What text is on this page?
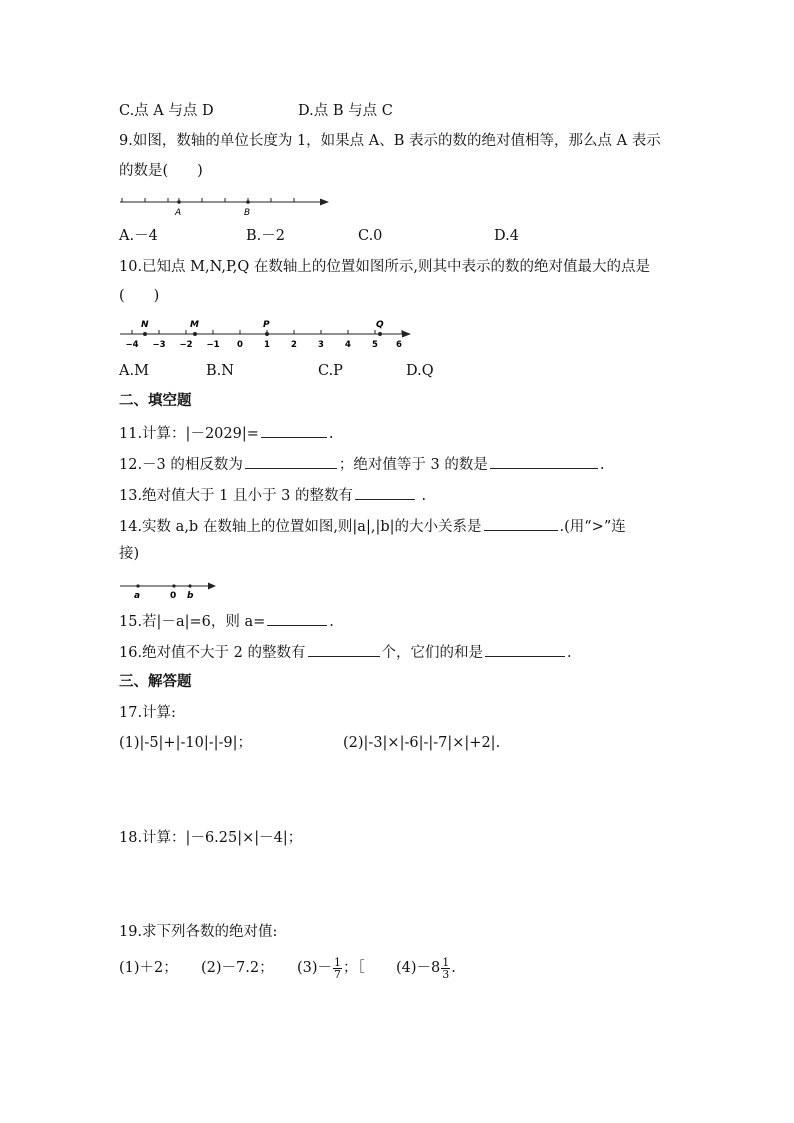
C.点 A 与点 D	D.点 B 与点 C
9.如图，数轴的单位长度为 1，如果点 A、B 表示的数的绝对值相等，那么点 A 表示
的数是(　　)
A	B
A.－4	B.－2	C.0	D.4
10.已知点 M,N,P,Q 在数轴上的位置如图所示,则其中表示的数的绝对值最大的点是
(　　)
N	M	P	Q
−4 −3 −2 −1 0 1 2 3 4 5 6
A.M	B.N	C.P	D.Q
二、填空题
11.计算：|－2029|=	.
12.－3 的相反数为	；绝对值等于 3 的数是	.
13.绝对值大于 1 且小于 3 的整数有	.
14.实数 a,b 在数轴上的位置如图,则|a|,|b|的大小关系是	.(用“>”连
接)
a	0 b
15.若|－a|=6，则 a=	.
16.绝对值不大于 2 的整数有	个，它们的和是	.
三、解答题
17.计算:
(1)|-5|+|-10|-|-9|；	(2)|-3|×|-6|-|-7|×|+2|.
18.计算：|－6.25|×|－4|；
19.求下列各数的绝对值:
(1)＋2； (2)－7.2； $(3)- \frac{1}{7}$ ；［ $(4)-8 \frac{1}{3}$ .
